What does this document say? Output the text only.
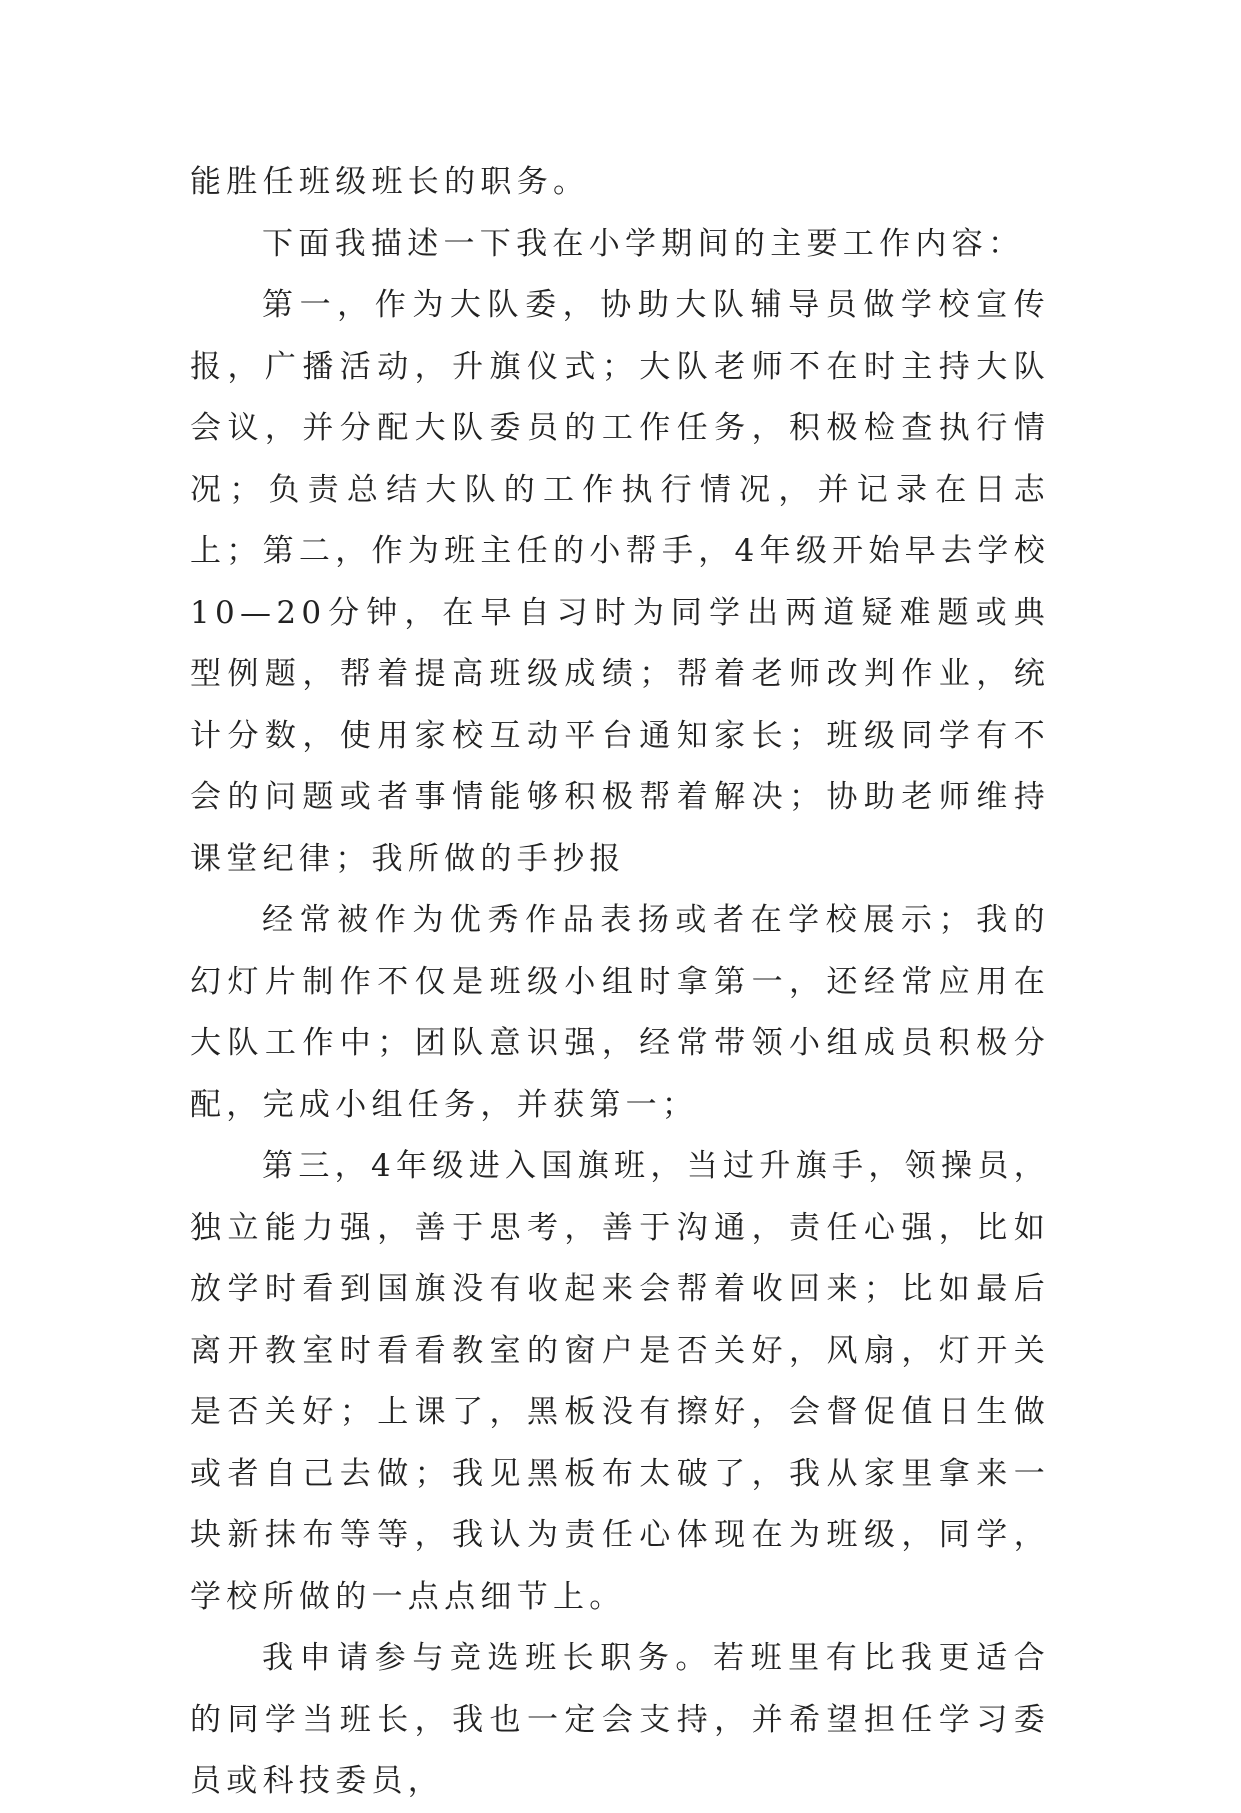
能胜任班级班长的职务。

下面我描述一下我在小学期间的主要工作内容：

第一，作为大队委，协助大队辅导员做学校宣传报，广播活动，升旗仪式；大队老师不在时主持大队会议，并分配大队委员的工作任务，积极检查执行情况；负责总结大队的工作执行情况，并记录在日志上；第二，作为班主任的小帮手，4年级开始早去学校10—20分钟，在早自习时为同学出两道疑难题或典型例题，帮着提高班级成绩；帮着老师改判作业，统计分数，使用家校互动平台通知家长；班级同学有不会的问题或者事情能够积极帮着解决；协助老师维持课堂纪律；我所做的手抄报

经常被作为优秀作品表扬或者在学校展示；我的幻灯片制作不仅是班级小组时拿第一，还经常应用在大队工作中；团队意识强，经常带领小组成员积极分配，完成小组任务，并获第一；

第三，4年级进入国旗班，当过升旗手，领操员，独立能力强，善于思考，善于沟通，责任心强，比如放学时看到国旗没有收起来会帮着收回来；比如最后离开教室时看看教室的窗户是否关好，风扇，灯开关是否关好；上课了，黑板没有擦好，会督促值日生做或者自己去做；我见黑板布太破了，我从家里拿来一块新抹布等等，我认为责任心体现在为班级，同学，学校所做的一点点细节上。

我申请参与竞选班长职务。若班里有比我更适合的同学当班长，我也一定会支持，并希望担任学习委员或科技委员，
